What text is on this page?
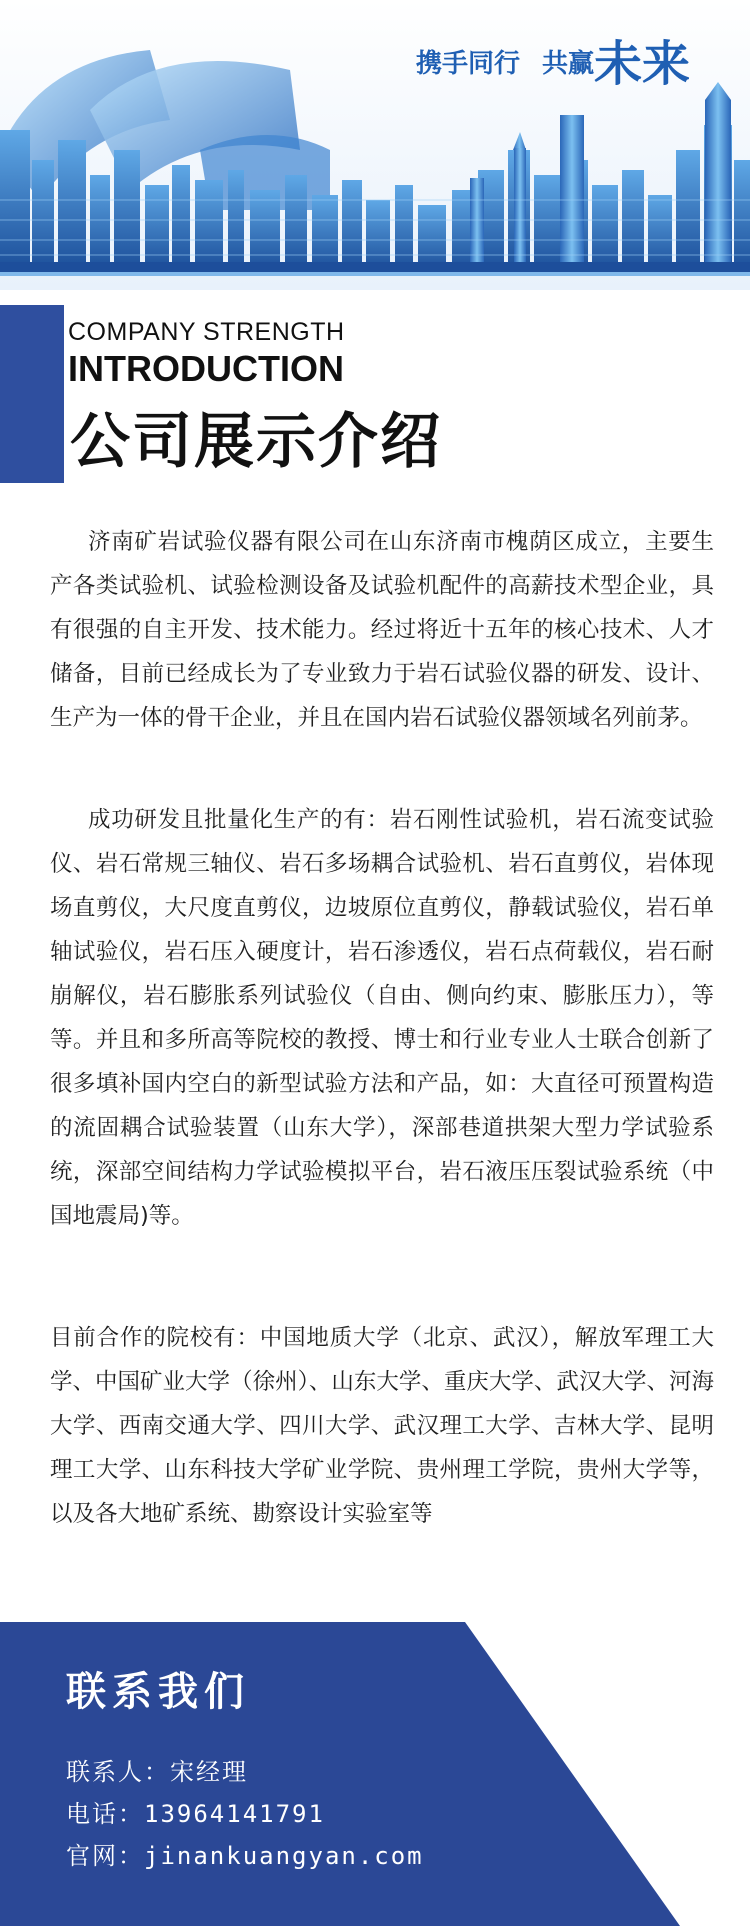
携手同行 共赢未来
COMPANY STRENGTH
INTRODUCTION
公司展示介绍

济南矿岩试验仪器有限公司在山东济南市槐荫区成立，主要生产各类试验机、试验检测设备及试验机配件的高薪技术型企业，具有很强的自主开发、技术能力。经过将近十五年的核心技术、人才储备，目前已经成长为了专业致力于岩石试验仪器的研发、设计、生产为一体的骨干企业，并且在国内岩石试验仪器领域名列前茅。

成功研发且批量化生产的有：岩石刚性试验机，岩石流变试验仪、岩石常规三轴仪、岩石多场耦合试验机、岩石直剪仪，岩体现场直剪仪，大尺度直剪仪，边坡原位直剪仪，静载试验仪，岩石单轴试验仪，岩石压入硬度计，岩石渗透仪，岩石点荷载仪，岩石耐崩解仪，岩石膨胀系列试验仪（自由、侧向约束、膨胀压力），等等。并且和多所高等院校的教授、博士和行业专业人士联合创新了很多填补国内空白的新型试验方法和产品，如：大直径可预置构造的流固耦合试验装置（山东大学），深部巷道拱架大型力学试验系统，深部空间结构力学试验模拟平台，岩石液压压裂试验系统（中国地震局)等。

目前合作的院校有：中国地质大学（北京、武汉），解放军理工大学、中国矿业大学（徐州）、山东大学、重庆大学、武汉大学、河海大学、西南交通大学、四川大学、武汉理工大学、吉林大学、昆明理工大学、山东科技大学矿业学院、贵州理工学院，贵州大学等，以及各大地矿系统、勘察设计实验室等

联系我们
联系人：宋经理
电话：13964141791
官网：jinankuangyan.com
